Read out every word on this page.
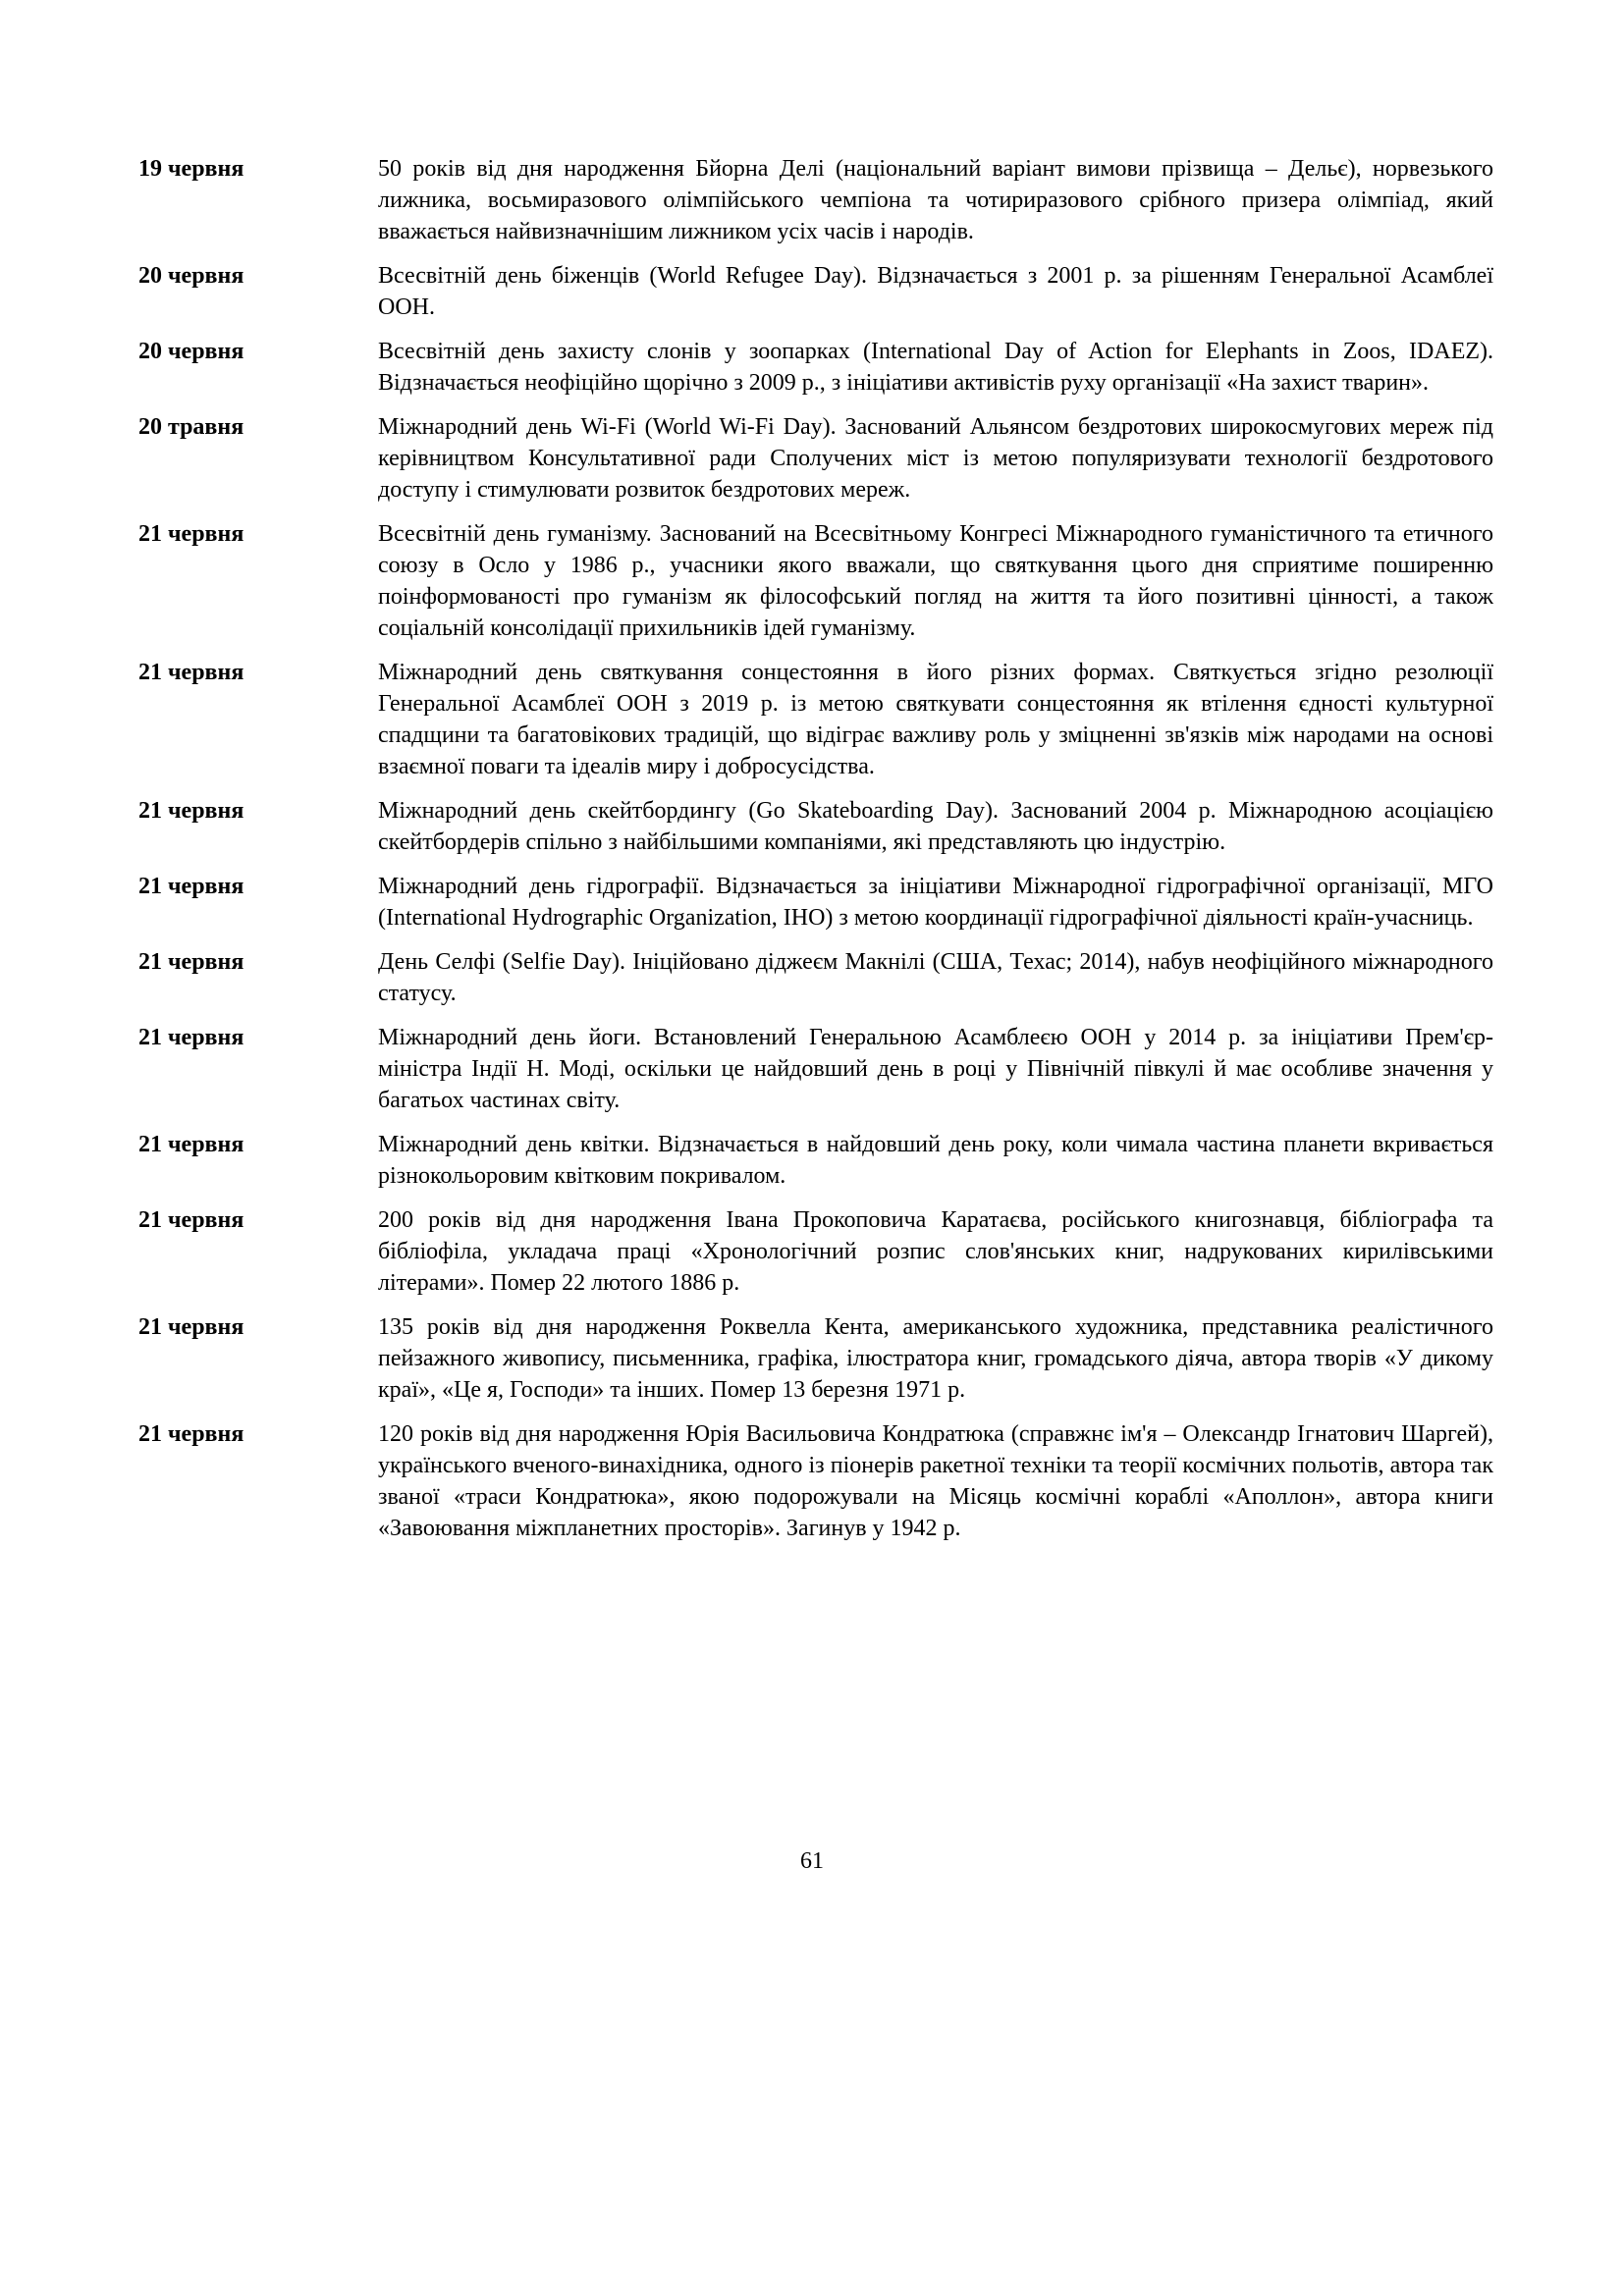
19 червня	50 років від дня народження Бйорна Делі (національний варіант вимови прізвища – Дельє), норвезького лижника, восьмиразового олімпійського чемпіона та чотириразового срібного призера олімпіад, який вважається найвизначнішим лижником усіх часів і народів.
20 червня	Всесвітній день біженців (World Refugee Day). Відзначається з 2001 р. за рішенням Генеральної Асамблеї ООН.
20 червня	Всесвітній день захисту слонів у зоопарках (International Day of Action for Elephants in Zoos, IDAEZ). Відзначається неофіційно щорічно з 2009 р., з ініціативи активістів руху організації «На захист тварин».
20 травня	Міжнародний день Wi-Fi (World Wi-Fi Day). Заснований Альянсом бездротових широкосмугових мереж під керівництвом Консультативної ради Сполучених міст із метою популяризувати технології бездротового доступу і стимулювати розвиток бездротових мереж.
21 червня	Всесвітній день гуманізму. Заснований на Всесвітньому Конгресі Міжнародного гуманістичного та етичного союзу в Осло у 1986 р., учасники якого вважали, що святкування цього дня сприятиме поширенню поінформованості про гуманізм як філософський погляд на життя та його позитивні цінності, а також соціальній консолідації прихильників ідей гуманізму.
21 червня	Міжнародний день святкування сонцестояння в його різних формах. Святкується згідно резолюції Генеральної Асамблеї ООН з 2019 р. із метою святкувати сонцестояння як втілення єдності культурної спадщини та багатовікових традицій, що відіграє важливу роль у зміцненні зв'язків між народами на основі взаємної поваги та ідеалів миру і добросусідства.
21 червня	Міжнародний день скейтбордингу (Go Skateboarding Day). Заснований 2004 р. Міжнародною асоціацією скейтбордерів спільно з найбільшими компаніями, які представляють цю індустрію.
21 червня	Міжнародний день гідрографії. Відзначається за ініціативи Міжнародної гідрографічної організації, МГО (International Hydrographic Organization, IHO) з метою координації гідрографічної діяльності країн-учасниць.
21 червня	День Селфі (Selfie Day). Ініційовано діджеєм Макнілі (США, Техас; 2014), набув неофіційного міжнародного статусу.
21 червня	Міжнародний день йоги. Встановлений Генеральною Асамблеєю ООН у 2014 р. за ініціативи Прем'єр-міністра Індії Н. Моді, оскільки це найдовший день в році у Північній півкулі й має особливе значення у багатьох частинах світу.
21 червня	Міжнародний день квітки. Відзначається в найдовший день року, коли чимала частина планети вкривається різнокольоровим квітковим покривалом.
21 червня	200 років від дня народження Івана Прокоповича Каратаєва, російського книгознавця, бібліографа та бібліофіла, укладача праці «Хронологічний розпис слов'янських книг, надрукованих кирилівськими літерами». Помер 22 лютого 1886 р.
21 червня	135 років від дня народження Роквелла Кента, американського художника, представника реалістичного пейзажного живопису, письменника, графіка, ілюстратора книг, громадського діяча, автора творів «У дикому краї», «Це я, Господи» та інших. Помер 13 березня 1971 р.
21 червня	120 років від дня народження Юрія Васильовича Кондратюка (справжнє ім'я – Олександр Ігнатович Шаргей), українського вченого-винахідника, одного із піонерів ракетної техніки та теорії космічних польотів, автора так званої «траси Кондратюка», якою подорожували на Місяць космічні кораблі «Аполлон», автора книги «Завоювання міжпланетних просторів». Загинув у 1942 р.
61
